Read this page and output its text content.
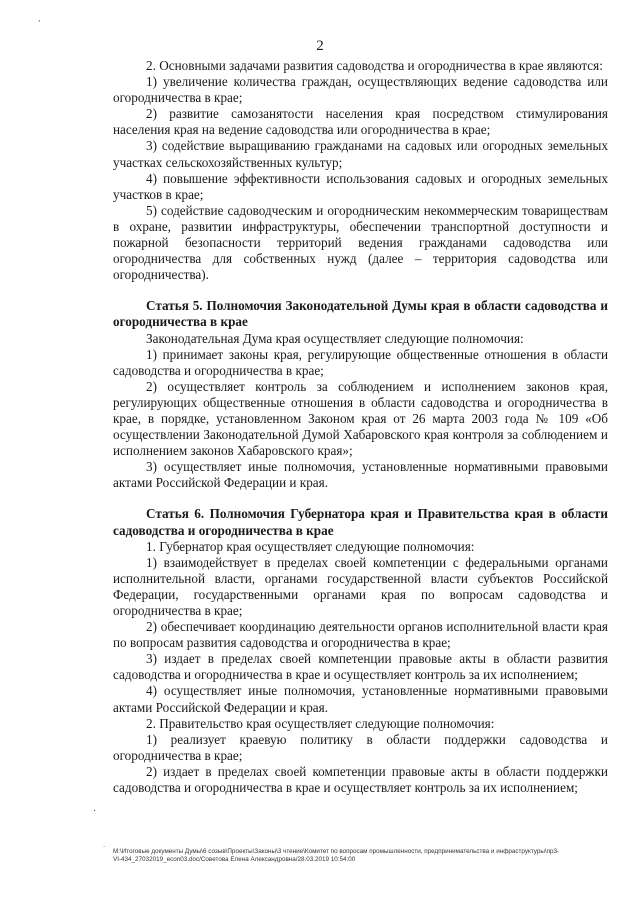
,
·
·
2

2. Основными задачами развития садоводства и огородничества в крае являются:

1) увеличение количества граждан, осуществляющих ведение садоводства или огородничества в крае;

2) развитие самозанятости населения края посредством стимулирования населения края на ведение садоводства или огородничества в крае;

3) содействие выращиванию гражданами на садовых или огородных земельных участках сельскохозяйственных культур;

4) повышение эффективности использования садовых и огородных земельных участков в крае;

5) содействие садоводческим и огородническим некоммерческим товариществам в охране, развитии инфраструктуры, обеспечении транспортной доступности и пожарной безопасности территорий ведения гражданами садоводства или огородничества для собственных нужд (далее – территория садоводства или огородничества).

Статья 5. Полномочия Законодательной Думы края в области садоводства и огородничества в крае

Законодательная Дума края осуществляет следующие полномочия:

1) принимает законы края, регулирующие общественные отношения в области садоводства и огородничества в крае;

2) осуществляет контроль за соблюдением и исполнением законов края, регулирующих общественные отношения в области садоводства и огородничества в крае, в порядке, установленном Законом края от 26 марта 2003 года № 109 «Об осуществлении Законодательной Думой Хабаровского края контроля за соблюдением и исполнением законов Хабаровского края»;

3) осуществляет иные полномочия, установленные нормативными правовыми актами Российской Федерации и края.

Статья 6. Полномочия Губернатора края и Правительства края в области садоводства и огородничества в крае

1. Губернатор края осуществляет следующие полномочия:

1) взаимодействует в пределах своей компетенции с федеральными органами исполнительной власти, органами государственной власти субъектов Российской Федерации, государственными органами края по вопросам садоводства и огородничества в крае;

2) обеспечивает координацию деятельности органов исполнительной власти края по вопросам развития садоводства и огородничества в крае;

3) издает в пределах своей компетенции правовые акты в области развития садоводства и огородничества в крае и осуществляет контроль за их исполнением;

4) осуществляет иные полномочия, установленные нормативными правовыми актами Российской Федерации и края.

2. Правительство края осуществляет следующие полномочия:

1) реализует краевую политику в области поддержки садоводства и огородничества в крае;

2) издает в пределах своей компетенции правовые акты в области поддержки садоводства и огородничества в крае и осуществляет контроль за их исполнением;

M:\Итоговые документы Думы\6 созыв\Проекты\Законы\3 чтение\Комитет по вопросам промышленности, предпринимательства и инфраструктуры\пр3-
VI-434_27032019_econ03.doc/Советова Елена Александровна/28.03.2019 10:54:00
